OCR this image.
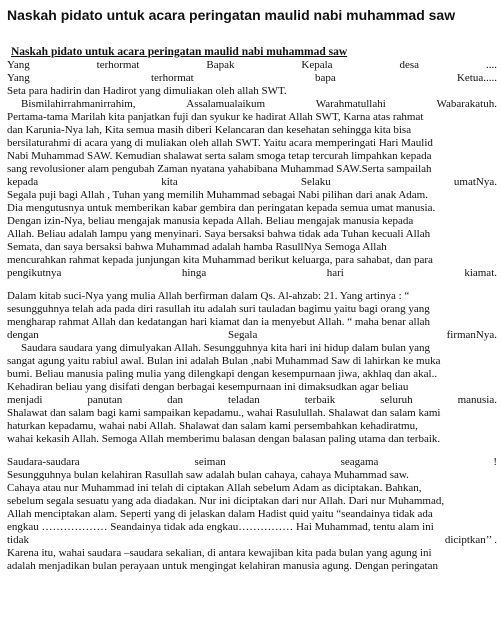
Naskah pidato untuk acara peringatan maulid nabi muhammad saw
Naskah pidato untuk acara peringatan maulid nabi muhammad saw
Yang	terhormat	Bapak	Kepala	desa	....
Yang	terhormat	bapa	Ketua.....
Seta para hadirin dan Hadirot yang dimuliakan oleh allah SWT.
Bismilahirrahmanirrahim,	Assalamualaikum	Warahmatullahi	Wabarakatuh.
Pertama-tama Marilah kita panjatkan fuji dan syukur ke hadirat Allah SWT, Karna atas rahmat
dan Karunia-Nya lah, Kita semua masih diberi Kelancaran dan kesehatan sehingga kita bisa
bersilaturahmi di acara yang di muliakan oleh allah SWT. Yaitu acara memperingati Hari Maulid
Nabi Muhammad SAW. Kemudian shalawat serta salam smoga tetap tercurah limpahkan kepada
sang revolusioner alam pengubah Zaman nyatana yahabibana Muhammad SAW.Serta sampailah
kepada	kita	Selaku	umatNya.
Segala puji bagi Allah , Tuhan yang memilih Muhammad sebagai Nabi pilihan dari anak Adam.
Dia mengutusnya untuk memberikan kabar gembira dan peringatan kepada semua umat manusia.
Dengan izin-Nya, beliau mengajak manusia kepada Allah. Beliau mengajak manusia kepada
Allah. Beliau adalah lampu yang menyinari. Saya bersaksi bahwa tidak ada Tuhan kecuali Allah
Semata, dan saya bersaksi bahwa Muhammad adalah hamba RasullNya Semoga Allah
mencurahkan rahmat kepada junjungan kita Muhammad berikut keluarga, para sahabat, dan para
pengikutnya	hinga	hari	kiamat.
Dalam kitab suci-Nya yang mulia Allah berfirman dalam Qs. Al-ahzab: 21. Yang artinya : “
sesungguhnya telah ada pada diri rasullah itu adalah suri tauladan bagimu yaitu bagi orang yang
mengharap rahmat Allah dan kedatangan hari kiamat dan ia menyebut Allah. “ maha benar allah
dengan	Segala	firmanNya.
Saudara saudara yang dimulyakan Allah. Sesungguhnya kita hari ini hidup dalam bulan yang
sangat agung yaitu rabiul awal. Bulan ini adalah Bulan ,nabi Muhammad Saw di lahirkan ke muka
bumi. Beliau manusia paling mulia yang dilengkapi dengan kesempurnaan jiwa, akhlaq dan akal..
Kehadiran beliau yang disifati dengan berbagai kesempurnaan ini dimaksudkan agar beliau
menjadi	panutan	dan	teladan	terbaik	seluruh	manusia.
Shalawat dan salam bagi kami sampaikan kepadamu., wahai Rasulullah. Shalawat dan salam kami
haturkan kepadamu, wahai nabi Allah. Shalawat dan salam kami persembahkan kehadiratmu,
wahai kekasih Allah. Semoga Allah memberimu balasan dengan balasan paling utama dan terbaik.
Saudara-saudara	seiman	seagama	!
Sesungguhnya bulan kelahiran Rasullah saw adalah bulan cahaya, cahaya Muhammad saw.
Cahaya atau nur Muhammad ini telah di ciptakan Allah sebelum Adam as diciptakan. Bahkan,
sebelum segala sesuatu yang ada diadakan. Nur ini diciptakan dari nur Allah. Dari nur Muhammad,
Allah menciptakan alam. Seperti yang di jelaskan dalam Hadist quid yaitu “seandainya tidak ada
engkau ……………… Seandainya tidak ada engkau…………… Hai Muhammad, tentu alam ini
tidak	diciptkan’’ .
Karena itu, wahai saudara –saudara sekalian, di antara kewajiban kita pada bulan yang agung ini
adalah menjadikan bulan perayaan untuk mengingat kelahiran manusia agung. Dengan peringatan
